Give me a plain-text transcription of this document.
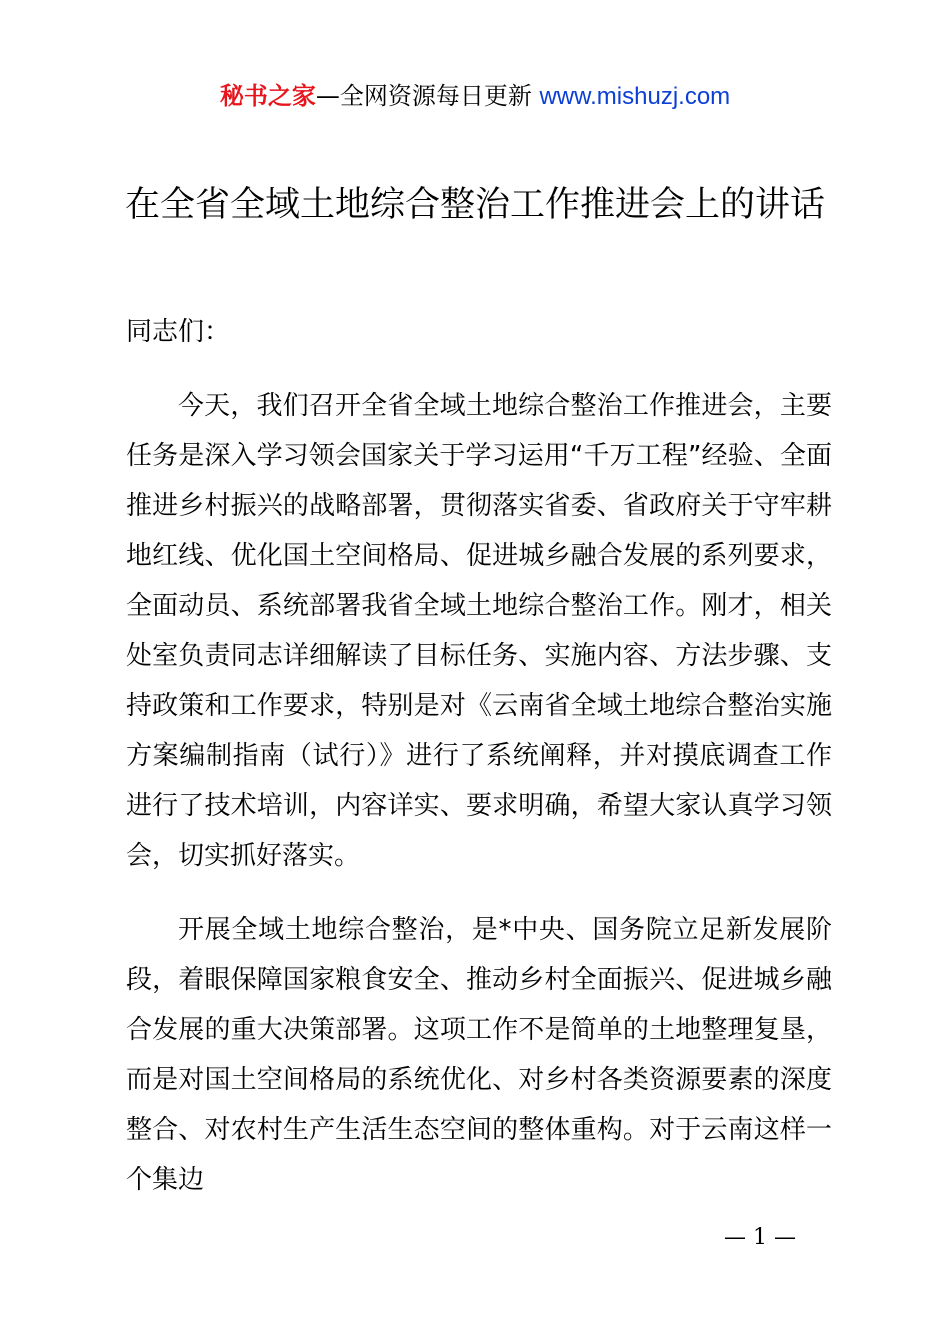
秘书之家—全网资源每日更新 www.mishuzj.com
在全省全域土地综合整治工作推进会上的讲话

同志们：

今天，我们召开全省全域土地综合整治工作推进会，主要任务是深入学习领会国家关于学习运用“千万工程”经验、全面推进乡村振兴的战略部署，贯彻落实省委、省政府关于守牢耕地红线、优化国土空间格局、促进城乡融合发展的系列要求，全面动员、系统部署我省全域土地综合整治工作。刚才，相关处室负责同志详细解读了目标任务、实施内容、方法步骤、支持政策和工作要求，特别是对《云南省全域土地综合整治实施方案编制指南（试行）》进行了系统阐释，并对摸底调查工作进行了技术培训，内容详实、要求明确，希望大家认真学习领会，切实抓好落实。

开展全域土地综合整治，是*中央、国务院立足新发展阶段，着眼保障国家粮食安全、推动乡村全面振兴、促进城乡融合发展的重大决策部署。这项工作不是简单的土地整理复垦，而是对国土空间格局的系统优化、对乡村各类资源要素的深度整合、对农村生产生活生态空间的整体重构。对于云南这样一个集边

— 1 —
